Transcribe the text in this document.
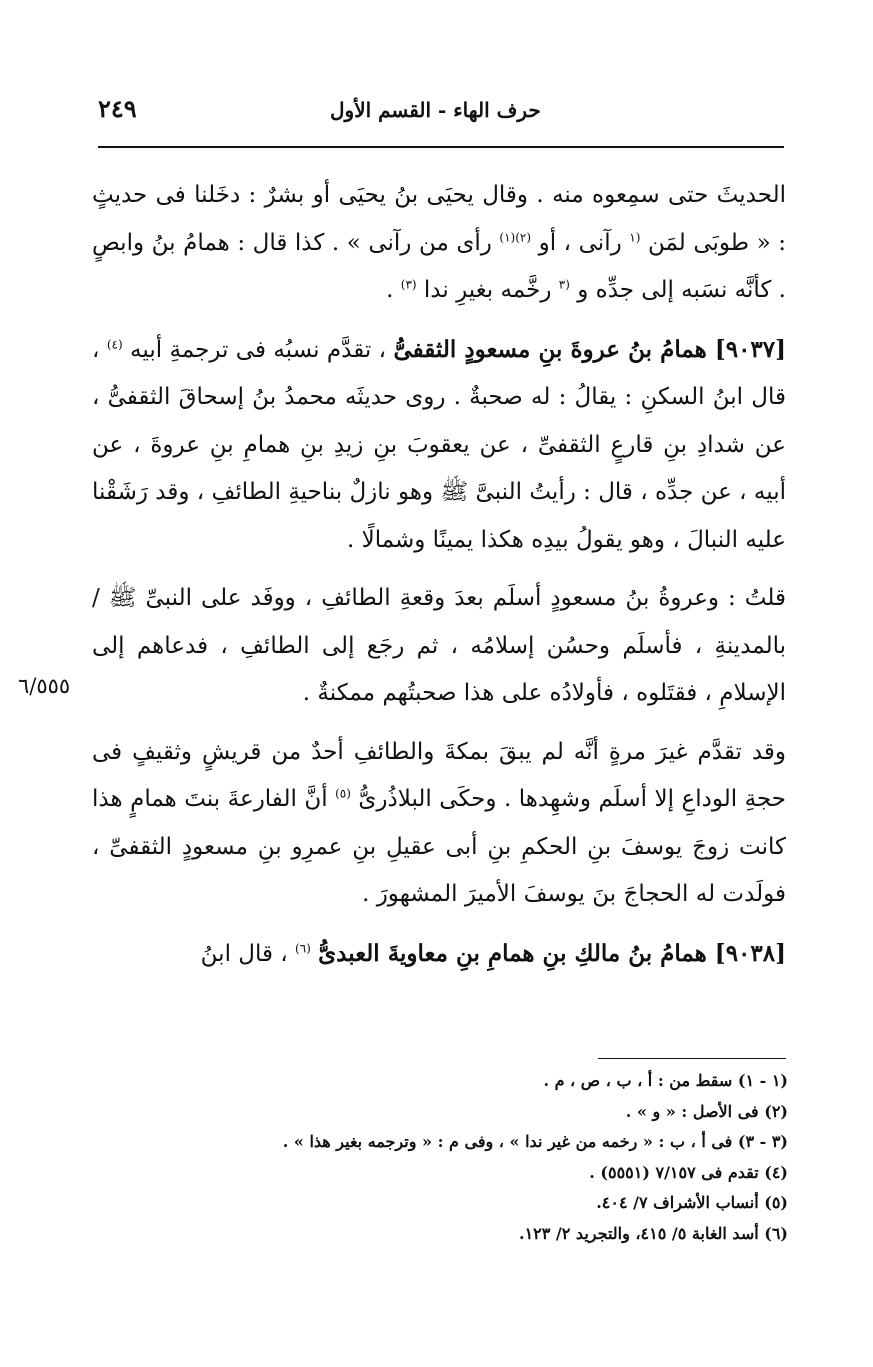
٢٤٩	حرف الهاء - القسم الأول

الحديثَ حتى سمِعوه منه . وقال يحيَى بنُ يحيَى أو بشرٌ : دخَلنا فى حديثٍ : « طوبَى لمَن $^{(١}$ رآنى ، أو $^{(٢)(١)}$ رأى من رآنى » . كذا قال : همامُ بنُ وابصٍ . كأنَّه نسَبه إلى جدِّه و $^{(٣}$ رخَّمه بغيرِ ندا $^{(٣)}$ .

[٩٠٣٧] همامُ بنُ عروةَ بنِ مسعودٍ الثقفىُّ ، تقدَّم نسبُه فى ترجمةِ أبيه $^{(٤)}$ ، قال ابنُ السكنِ : يقالُ : له صحبةٌ . روى حديثَه محمدُ بنُ إسحاقَ الثقفىُّ ، عن شدادِ بنِ قارعٍ الثقفىِّ ، عن يعقوبَ بنِ زيدِ بنِ همامِ بنِ عروةَ ، عن أبيه ، عن جدِّه ، قال : رأيتُ النبىَّ ﷺ وهو نازلٌ بناحيةِ الطائفِ ، وقد رَشَقْنا عليه النبالَ ، وهو يقولُ بيدِه هكذا يمينًا وشمالًا .

قلتُ : وعروةُ بنُ مسعودٍ أسلَم بعدَ وقعةِ الطائفِ ، ووفَد على النبىِّ ﷺ /بالمدينةِ ، فأسلَم وحسُن إسلامُه ، ثم رجَع إلى الطائفِ ، فدعاهم إلى الإسلامِ ، فقتَلوه ، فأولادُه على هذا صحبتُهم ممكنةٌ .

وقد تقدَّم غيرَ مرةٍ أنَّه لم يبقَ بمكةَ والطائفِ أحدٌ من قريشٍ وثقيفٍ فى حجةِ الوداعِ إلا أسلَم وشهِدها . وحكَى البلاذُرىُّ $^{(٥)}$ أنَّ الفارعةَ بنتَ همامٍ هذا كانت زوجَ يوسفَ بنِ الحكمِ بنِ أبى عقيلِ بنِ عمرِو بنِ مسعودٍ الثقفىِّ ، فولَدت له الحجاجَ بنَ يوسفَ الأميرَ المشهورَ .

[٩٠٣٨] همامُ بنُ مالكِ بنِ همامِ بنِ معاويةَ العبدىُّ $^{(٦)}$ ، قال ابنُ

٦/٥٥٥
(١ - ١) سقط من : أ ، ب ، ص ، م .
(٢) فى الأصل : « و » .
(٣ - ٣) فى أ ، ب : « رخمه من غير ندا » ، وفى م : « وترجمه بغير هذا » .
(٤) تقدم فى ٧/١٥٧ (٥٥٥١) .
(٥) أنساب الأشراف ٧/ ٤٠٤.
(٦) أسد الغابة ٥/ ٤١٥، والتجريد ٢/ ١٢٣.
